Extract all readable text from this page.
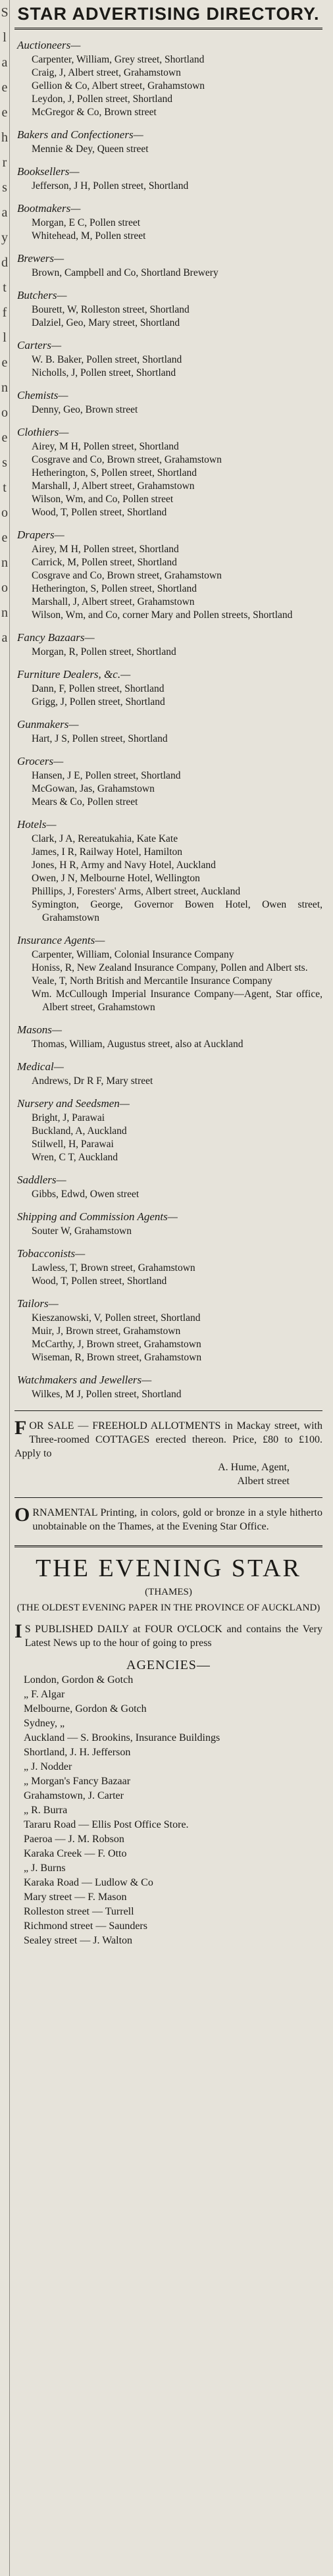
S
l
a
e
e
h
r
s
a
y
d
t
f
l
e
n
o
e
s
t
o
e
n
o
n
a
STAR ADVERTISING DIRECTORY.
Auctioneers—
Carpenter, William, Grey street, Shortland
Craig, J, Albert street, Grahamstown
Gellion & Co, Albert street, Grahamstown
Leydon, J, Pollen street, Shortland
McGregor & Co, Brown street
Bakers and Confectioners—
Mennie & Dey, Queen street
Booksellers—
Jefferson, J H, Pollen street, Shortland
Bootmakers—
Morgan, E C, Pollen street
Whitehead, M, Pollen street
Brewers—
Brown, Campbell and Co, Shortland Brewery
Butchers—
Bourett, W, Rolleston street, Shortland
Dalziel, Geo, Mary street, Shortland
Carters—
W. B. Baker, Pollen street, Shortland
Nicholls, J, Pollen street, Shortland
Chemists—
Denny, Geo, Brown street
Clothiers—
Airey, M H, Pollen street, Shortland
Cosgrave and Co, Brown street, Grahamstown
Hetherington, S, Pollen street, Shortland
Marshall, J, Albert street, Grahamstown
Wilson, Wm, and Co, Pollen street
Wood, T, Pollen street, Shortland
Drapers—
Airey, M H, Pollen street, Shortland
Carrick, M, Pollen street, Shortland
Cosgrave and Co, Brown street, Grahamstown
Hetherington, S, Pollen street, Shortland
Marshall, J, Albert street, Grahamstown
Wilson, Wm, and Co, corner Mary and Pollen streets, Shortland
Fancy Bazaars—
Morgan, R, Pollen street, Shortland
Furniture Dealers, &c.—
Dann, F, Pollen street, Shortland
Grigg, J, Pollen street, Shortland
Gunmakers—
Hart, J S, Pollen street, Shortland
Grocers—
Hansen, J E, Pollen street, Shortland
McGowan, Jas, Grahamstown
Mears & Co, Pollen street
Hotels—
Clark, J A, Rereatukahia, Kate Kate
James, I R, Railway Hotel, Hamilton
Jones, H R, Army and Navy Hotel, Auckland
Owen, J N, Melbourne Hotel, Wellington
Phillips, J, Foresters' Arms, Albert street, Auckland
Symington, George, Governor Bowen Hotel, Owen street, Grahamstown
Insurance Agents—
Carpenter, William, Colonial Insurance Company
Honiss, R, New Zealand Insurance Company, Pollen and Albert sts.
Veale, T, North British and Mercantile Insurance Company
Wm. McCullough Imperial Insurance Company—Agent, Star office, Albert street, Grahamstown
Masons—
Thomas, William, Augustus street, also at Auckland
Medical—
Andrews, Dr R F, Mary street
Nursery and Seedsmen—
Bright, J, Parawai
Buckland, A, Auckland
Stilwell, H, Parawai
Wren, C T, Auckland
Saddlers—
Gibbs, Edwd, Owen street
Shipping and Commission Agents—
Souter W, Grahamstown
Tobacconists—
Lawless, T, Brown street, Grahamstown
Wood, T, Pollen street, Shortland
Tailors—
Kieszanowski, V, Pollen street, Shortland
Muir, J, Brown street, Grahamstown
McCarthy, J, Brown street, Grahamstown
Wiseman, R, Brown street, Grahamstown
Watchmakers and Jewellers—
Wilkes, M J, Pollen street, Shortland
F OR SALE — FREEHOLD ALLOTMENTS in Mackay street, with Three-roomed COTTAGES erected thereon. Price, £80 to £100. Apply to
A. Hume, Agent,
Albert street
O RNAMENTAL Printing, in colors, gold or bronze in a style hitherto unobtainable on the Thames, at the Evening Star Office.
THE EVENING STAR
(THAMES)
(THE OLDEST EVENING PAPER IN THE PROVINCE OF AUCKLAND)
I S PUBLISHED DAILY at FOUR O'CLOCK and contains the Very Latest News up to the hour of going to press
AGENCIES—
London, Gordon & Gotch
„ F. Algar
Melbourne, Gordon & Gotch
Sydney, „
Auckland — S. Brookins, Insurance Buildings
Shortland, J. H. Jefferson
„ J. Nodder
„ Morgan's Fancy Bazaar
Grahamstown, J. Carter
„ R. Burra
Tararu Road — Ellis Post Office Store.
Paeroa — J. M. Robson
Karaka Creek — F. Otto
„ J. Burns
Karaka Road — Ludlow & Co
Mary street — F. Mason
Rolleston street — Turrell
Richmond street — Saunders
Sealey street — J. Walton
